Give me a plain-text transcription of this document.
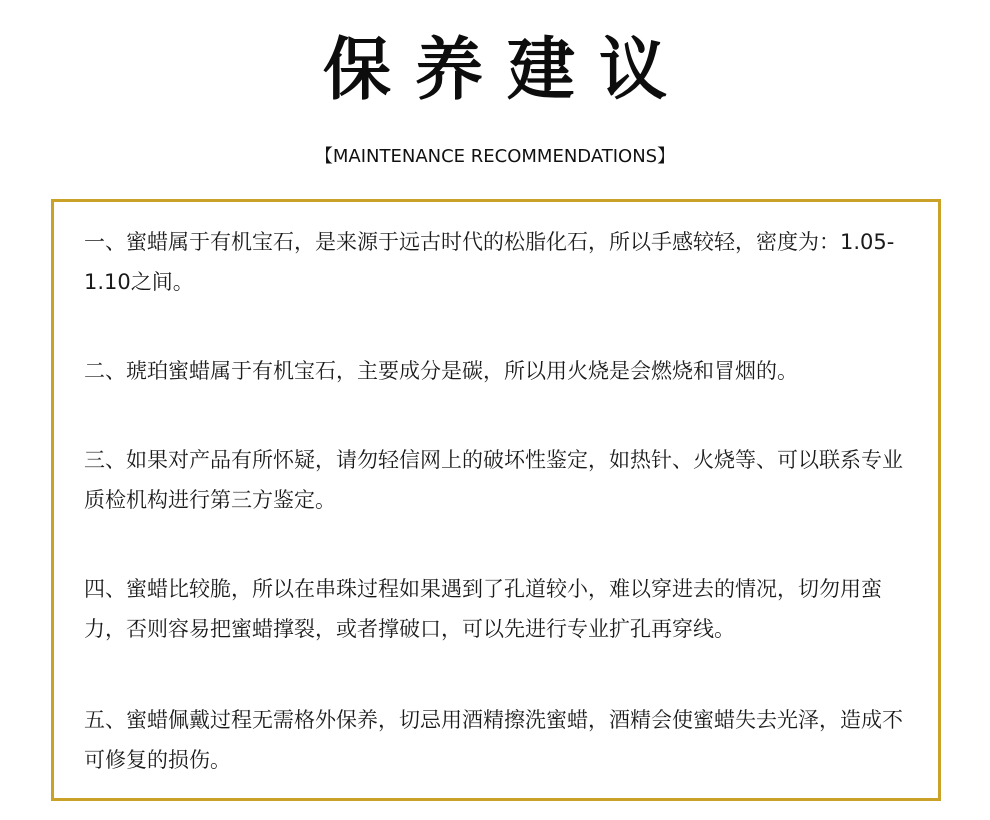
保养建议
【MAINTENANCE RECOMMENDATIONS】

一、蜜蜡属于有机宝石，是来源于远古时代的松脂化石，所以手感较轻，密度为：1.05-1.10之间。

二、琥珀蜜蜡属于有机宝石，主要成分是碳，所以用火烧是会燃烧和冒烟的。

三、如果对产品有所怀疑，请勿轻信网上的破坏性鉴定，如热针、火烧等、可以联系专业质检机构进行第三方鉴定。

四、蜜蜡比较脆，所以在串珠过程如果遇到了孔道较小，难以穿进去的情况，切勿用蛮力，否则容易把蜜蜡撑裂，或者撑破口，可以先进行专业扩孔再穿线。

五、蜜蜡佩戴过程无需格外保养，切忌用酒精擦洗蜜蜡，酒精会使蜜蜡失去光泽，造成不可修复的损伤。
